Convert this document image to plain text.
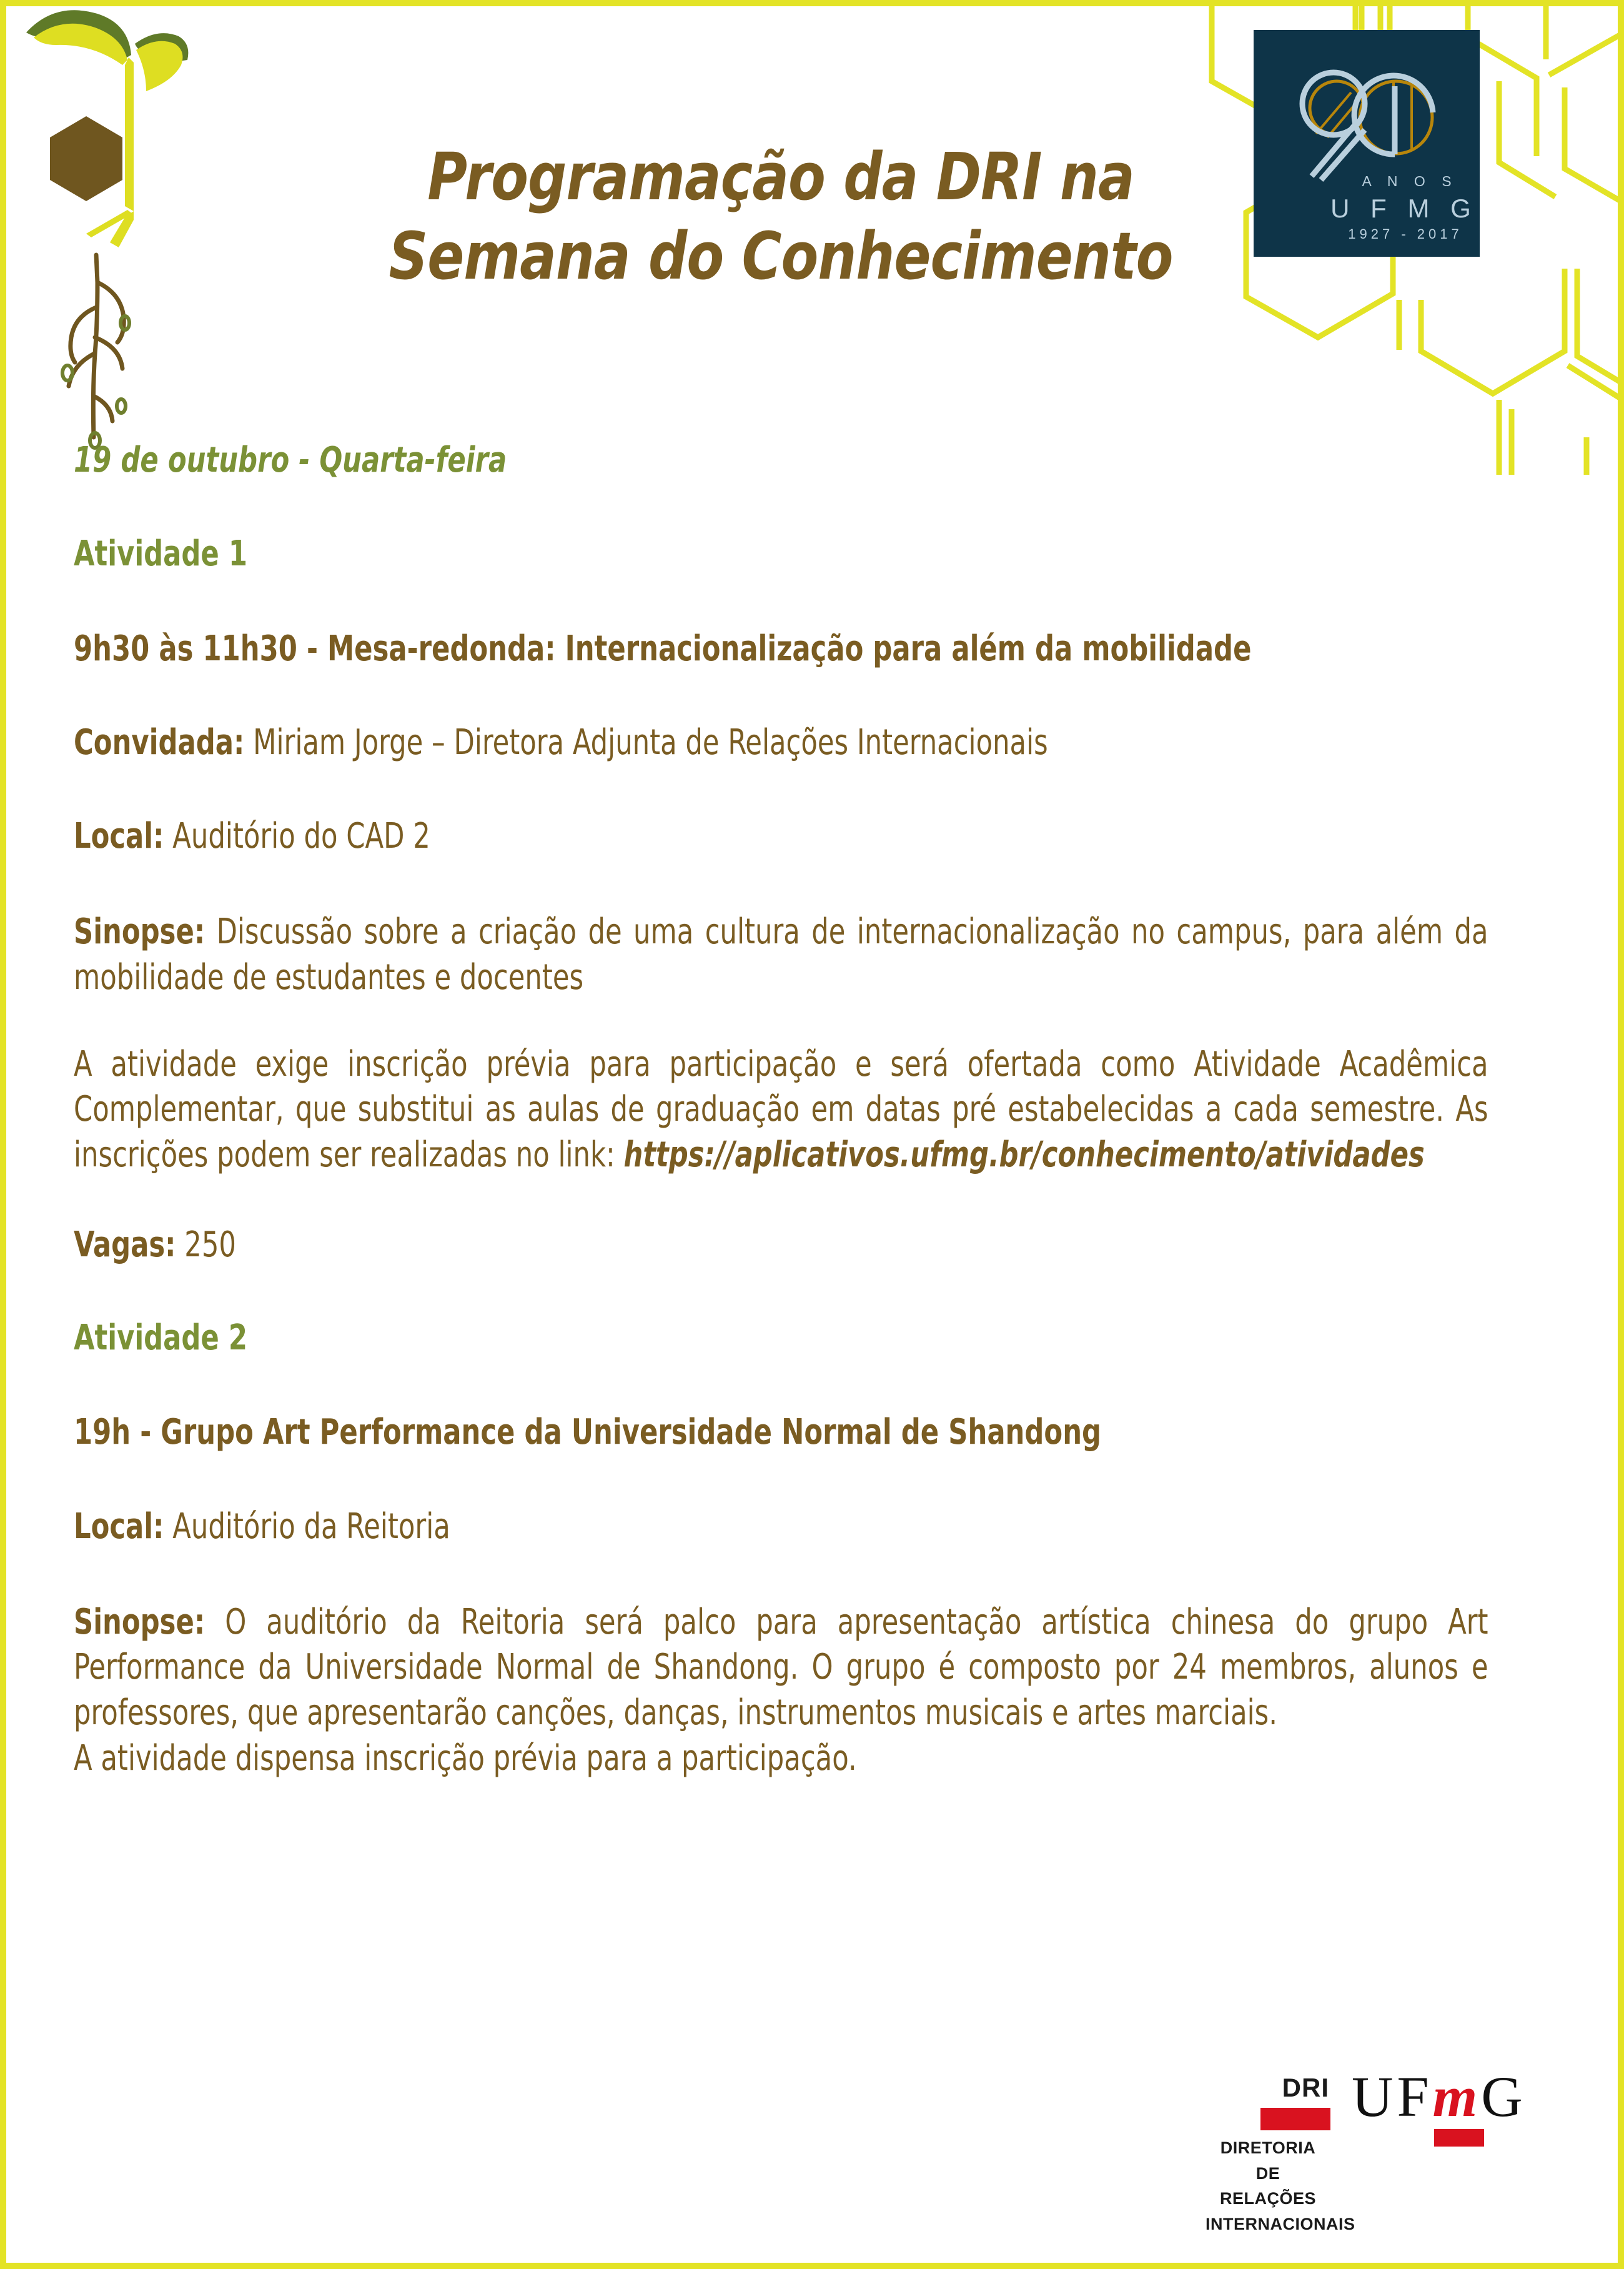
A N O S
U F M G
1927 - 2017
Programação da DRI na
Semana do Conhecimento
19 de outubro - Quarta-feira
Atividade 1
9h30 às 11h30 - Mesa-redonda: Internacionalização para além da mobilidade
Convidada: Miriam Jorge – Diretora Adjunta de Relações Internacionais
Local: Auditório do CAD 2
Sinopse: Discussão sobre a criação de uma cultura de internacionalização no campus, para além da mobilidade de estudantes e docentes
A atividade exige inscrição prévia para participação e será ofertada como Atividade Acadêmica Complementar, que substitui as aulas de graduação em datas pré estabelecidas a cada semestre. As inscrições podem ser realizadas no link: https://aplicativos.ufmg.br/conhecimento/atividades
Vagas: 250
Atividade 2
19h - Grupo Art Performance da Universidade Normal de Shandong
Local: Auditório da Reitoria
Sinopse: O auditório da Reitoria será palco para apresentação artística chinesa do grupo Art Performance da Universidade Normal de Shandong. O grupo é composto por 24 membros, alunos e professores, que apresentarão canções, danças, instrumentos musicais e artes marciais.
A atividade dispensa inscrição prévia para a participação.
DRI
DIRETORIA
DE RELAÇÕES
INTERNACIONAIS
UFmG
